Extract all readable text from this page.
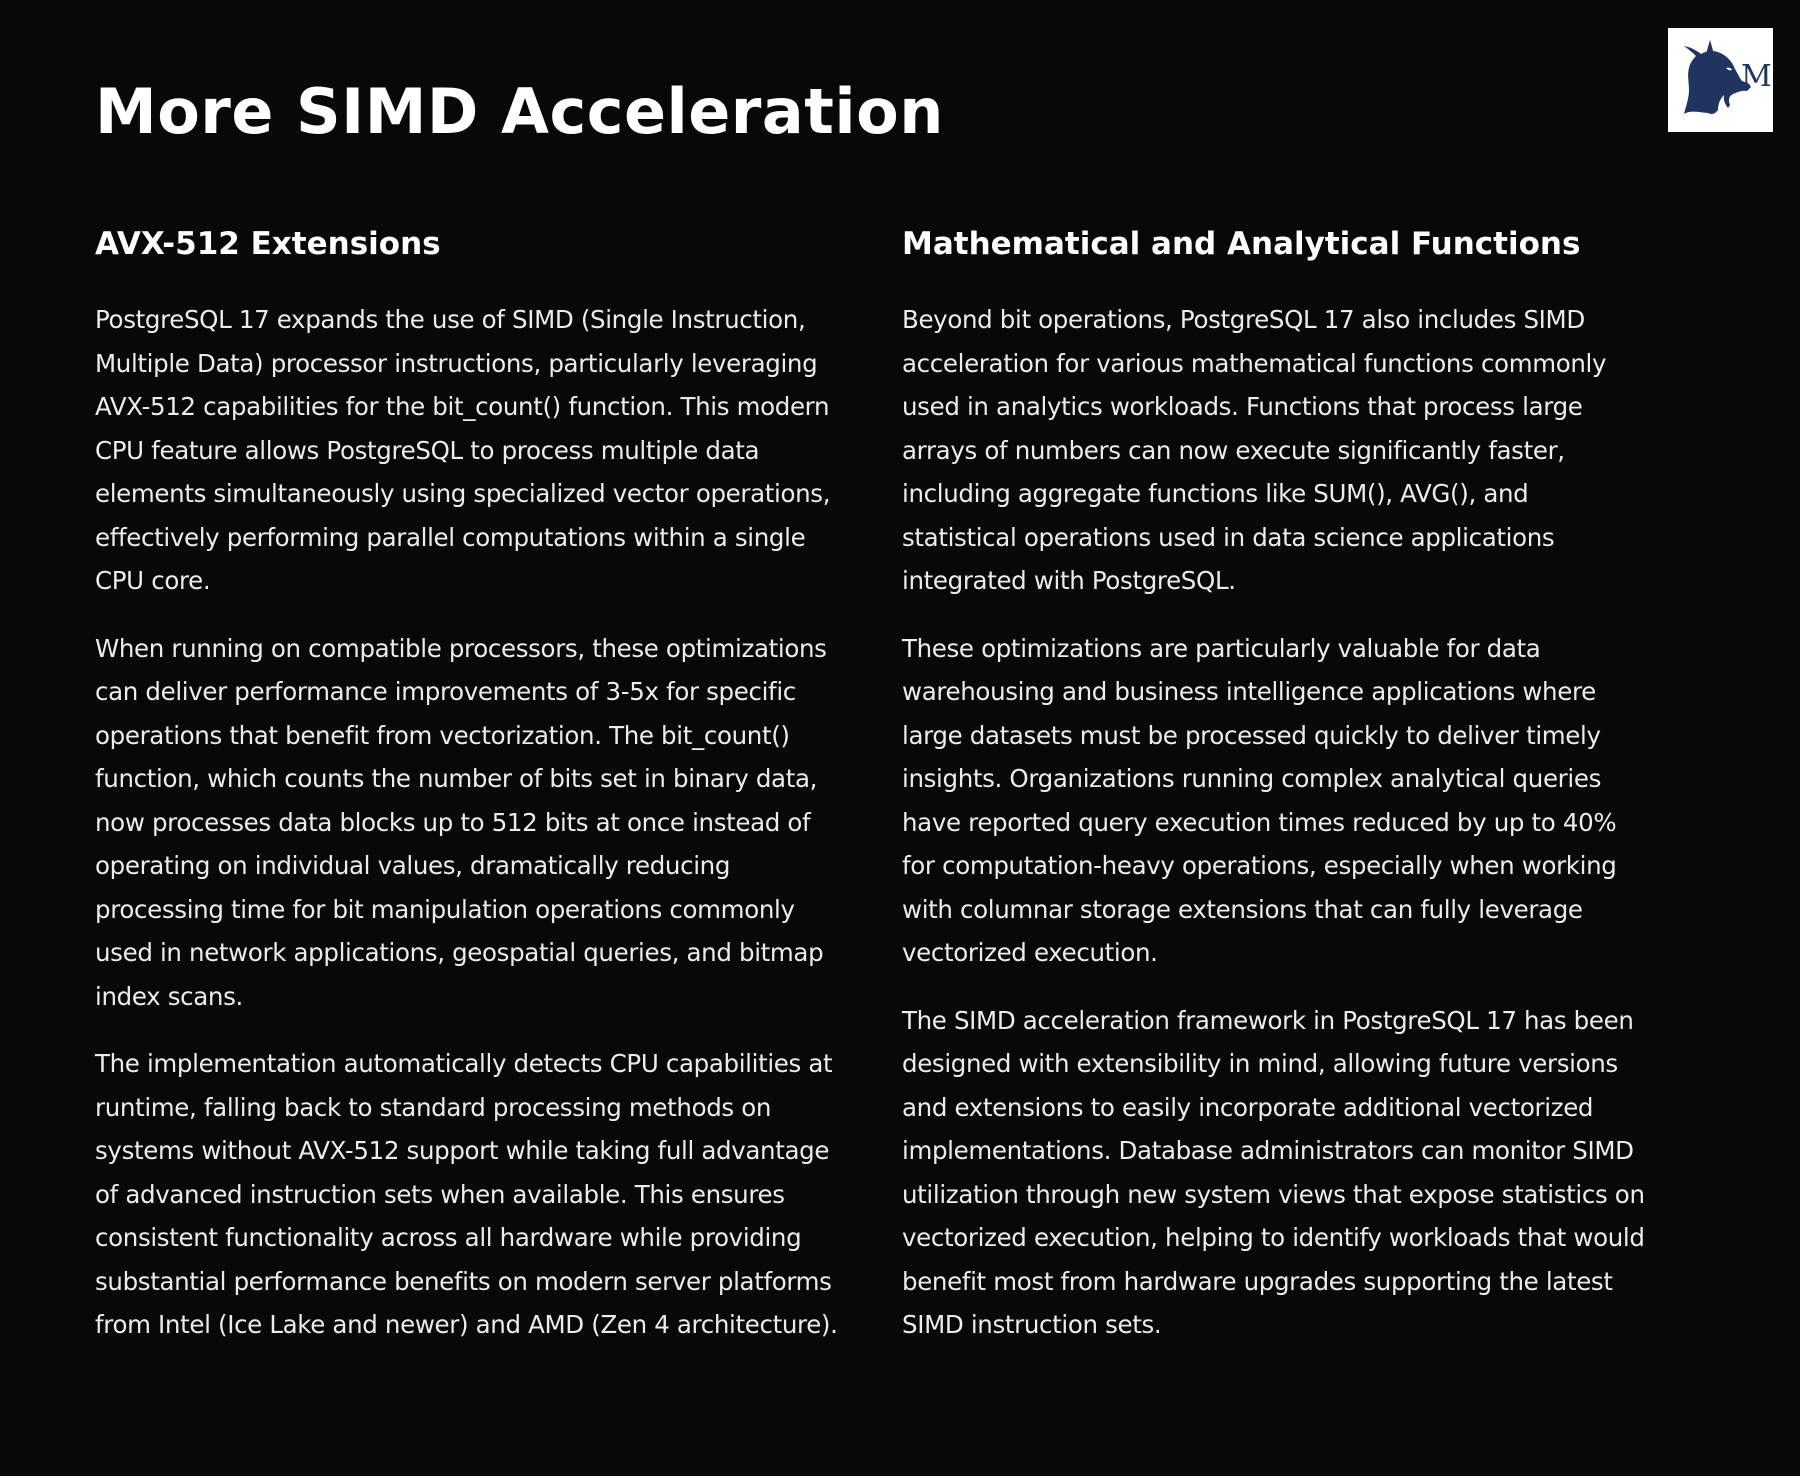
More SIMD Acceleration	M
AVX-512 Extensions

PostgreSQL 17 expands the use of SIMD (Single Instruction, Multiple Data) processor instructions, particularly leveraging AVX-512 capabilities for the bit_count() function. This modern CPU feature allows PostgreSQL to process multiple data elements simultaneously using specialized vector operations, effectively performing parallel computations within a single CPU core.

When running on compatible processors, these optimizations can deliver performance improvements of 3-5x for specific operations that benefit from vectorization. The bit_count() function, which counts the number of bits set in binary data, now processes data blocks up to 512 bits at once instead of operating on individual values, dramatically reducing processing time for bit manipulation operations commonly used in network applications, geospatial queries, and bitmap index scans.

The implementation automatically detects CPU capabilities at runtime, falling back to standard processing methods on systems without AVX-512 support while taking full advantage of advanced instruction sets when available. This ensures consistent functionality across all hardware while providing substantial performance benefits on modern server platforms from Intel (Ice Lake and newer) and AMD (Zen 4 architecture).

Mathematical and Analytical Functions

Beyond bit operations, PostgreSQL 17 also includes SIMD acceleration for various mathematical functions commonly used in analytics workloads. Functions that process large arrays of numbers can now execute significantly faster, including aggregate functions like SUM(), AVG(), and statistical operations used in data science applications integrated with PostgreSQL.

These optimizations are particularly valuable for data warehousing and business intelligence applications where large datasets must be processed quickly to deliver timely insights. Organizations running complex analytical queries have reported query execution times reduced by up to 40% for computation-heavy operations, especially when working with columnar storage extensions that can fully leverage vectorized execution.

The SIMD acceleration framework in PostgreSQL 17 has been designed with extensibility in mind, allowing future versions and extensions to easily incorporate additional vectorized implementations. Database administrators can monitor SIMD utilization through new system views that expose statistics on vectorized execution, helping to identify workloads that would benefit most from hardware upgrades supporting the latest SIMD instruction sets.
